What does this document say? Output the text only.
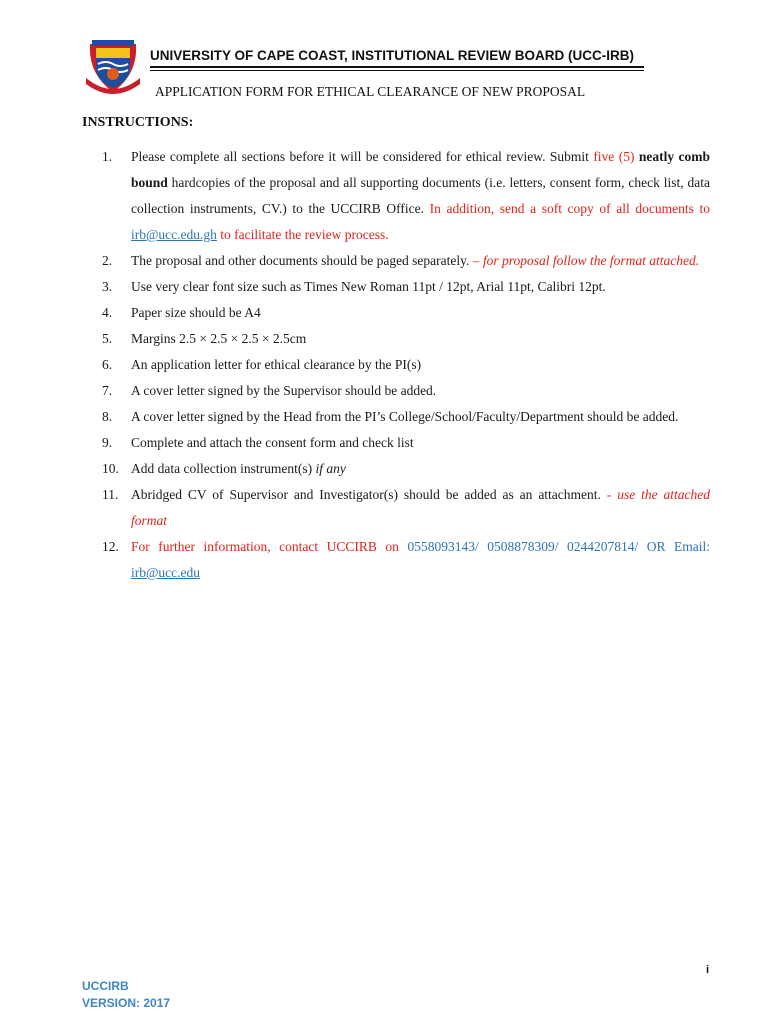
UNIVERSITY OF CAPE COAST, INSTITUTIONAL REVIEW BOARD (UCC-IRB)
APPLICATION FORM FOR ETHICAL CLEARANCE OF NEW PROPOSAL
INSTRUCTIONS:
1.	Please complete all sections before it will be considered for ethical review. Submit five (5) neatly comb bound hardcopies of the proposal and all supporting documents (i.e. letters, consent form, check list, data collection instruments, CV.) to the UCCIRB Office. In addition, send a soft copy of all documents to irb@ucc.edu.gh to facilitate the review process.
2.	The proposal and other documents should be paged separately. – for proposal follow the format attached.
3.	Use very clear font size such as Times New Roman 11pt / 12pt, Arial 11pt, Calibri 12pt.
4.	Paper size should be A4
5.	Margins 2.5 × 2.5 × 2.5 × 2.5cm
6.	An application letter for ethical clearance by the PI(s)
7.	A cover letter signed by the Supervisor should be added.
8.	A cover letter signed by the Head from the PI’s College/School/Faculty/Department should be added.
9.	Complete and attach the consent form and check list
10. Add data collection instrument(s) if any
11. Abridged CV of Supervisor and Investigator(s) should be added as an attachment. - use the attached format
12. For further information, contact UCCIRB on 0558093143/ 0508878309/ 0244207814/ OR Email: irb@ucc.edu
i
UCCIRB
VERSION: 2017
